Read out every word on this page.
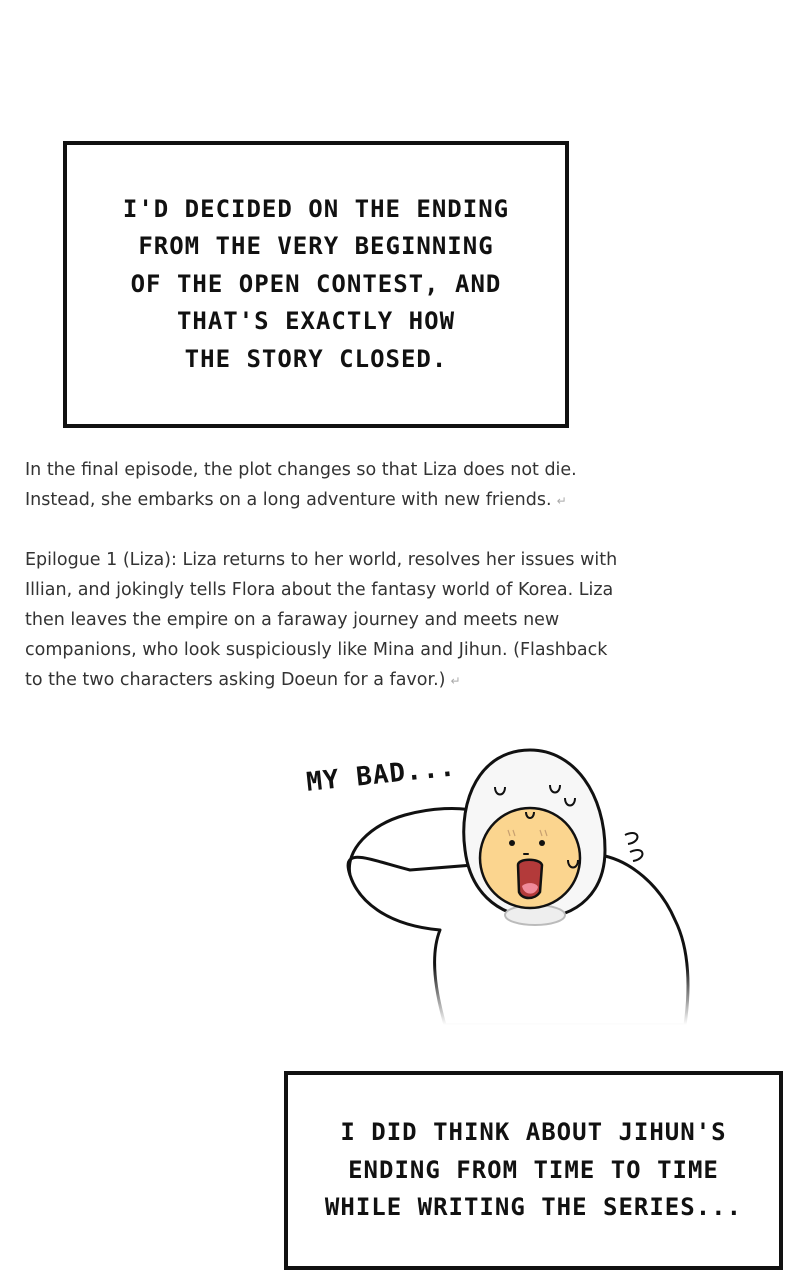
I'D DECIDED ON THE ENDING
FROM THE VERY BEGINNING
OF THE OPEN CONTEST, AND
THAT'S EXACTLY HOW
THE STORY CLOSED.

In the final episode, the plot changes so that Liza does not die.
Instead, she embarks on a long adventure with new friends. ↵

Epilogue 1 (Liza): Liza returns to her world, resolves her issues with
Illian, and jokingly tells Flora about the fantasy world of Korea. Liza
then leaves the empire on a faraway journey and meets new
companions, who look suspiciously like Mina and Jihun. (Flashback
to the two characters asking Doeun for a favor.) ↵

MY BAD...

I DID THINK ABOUT JIHUN'S
ENDING FROM TIME TO TIME
WHILE WRITING THE SERIES...
